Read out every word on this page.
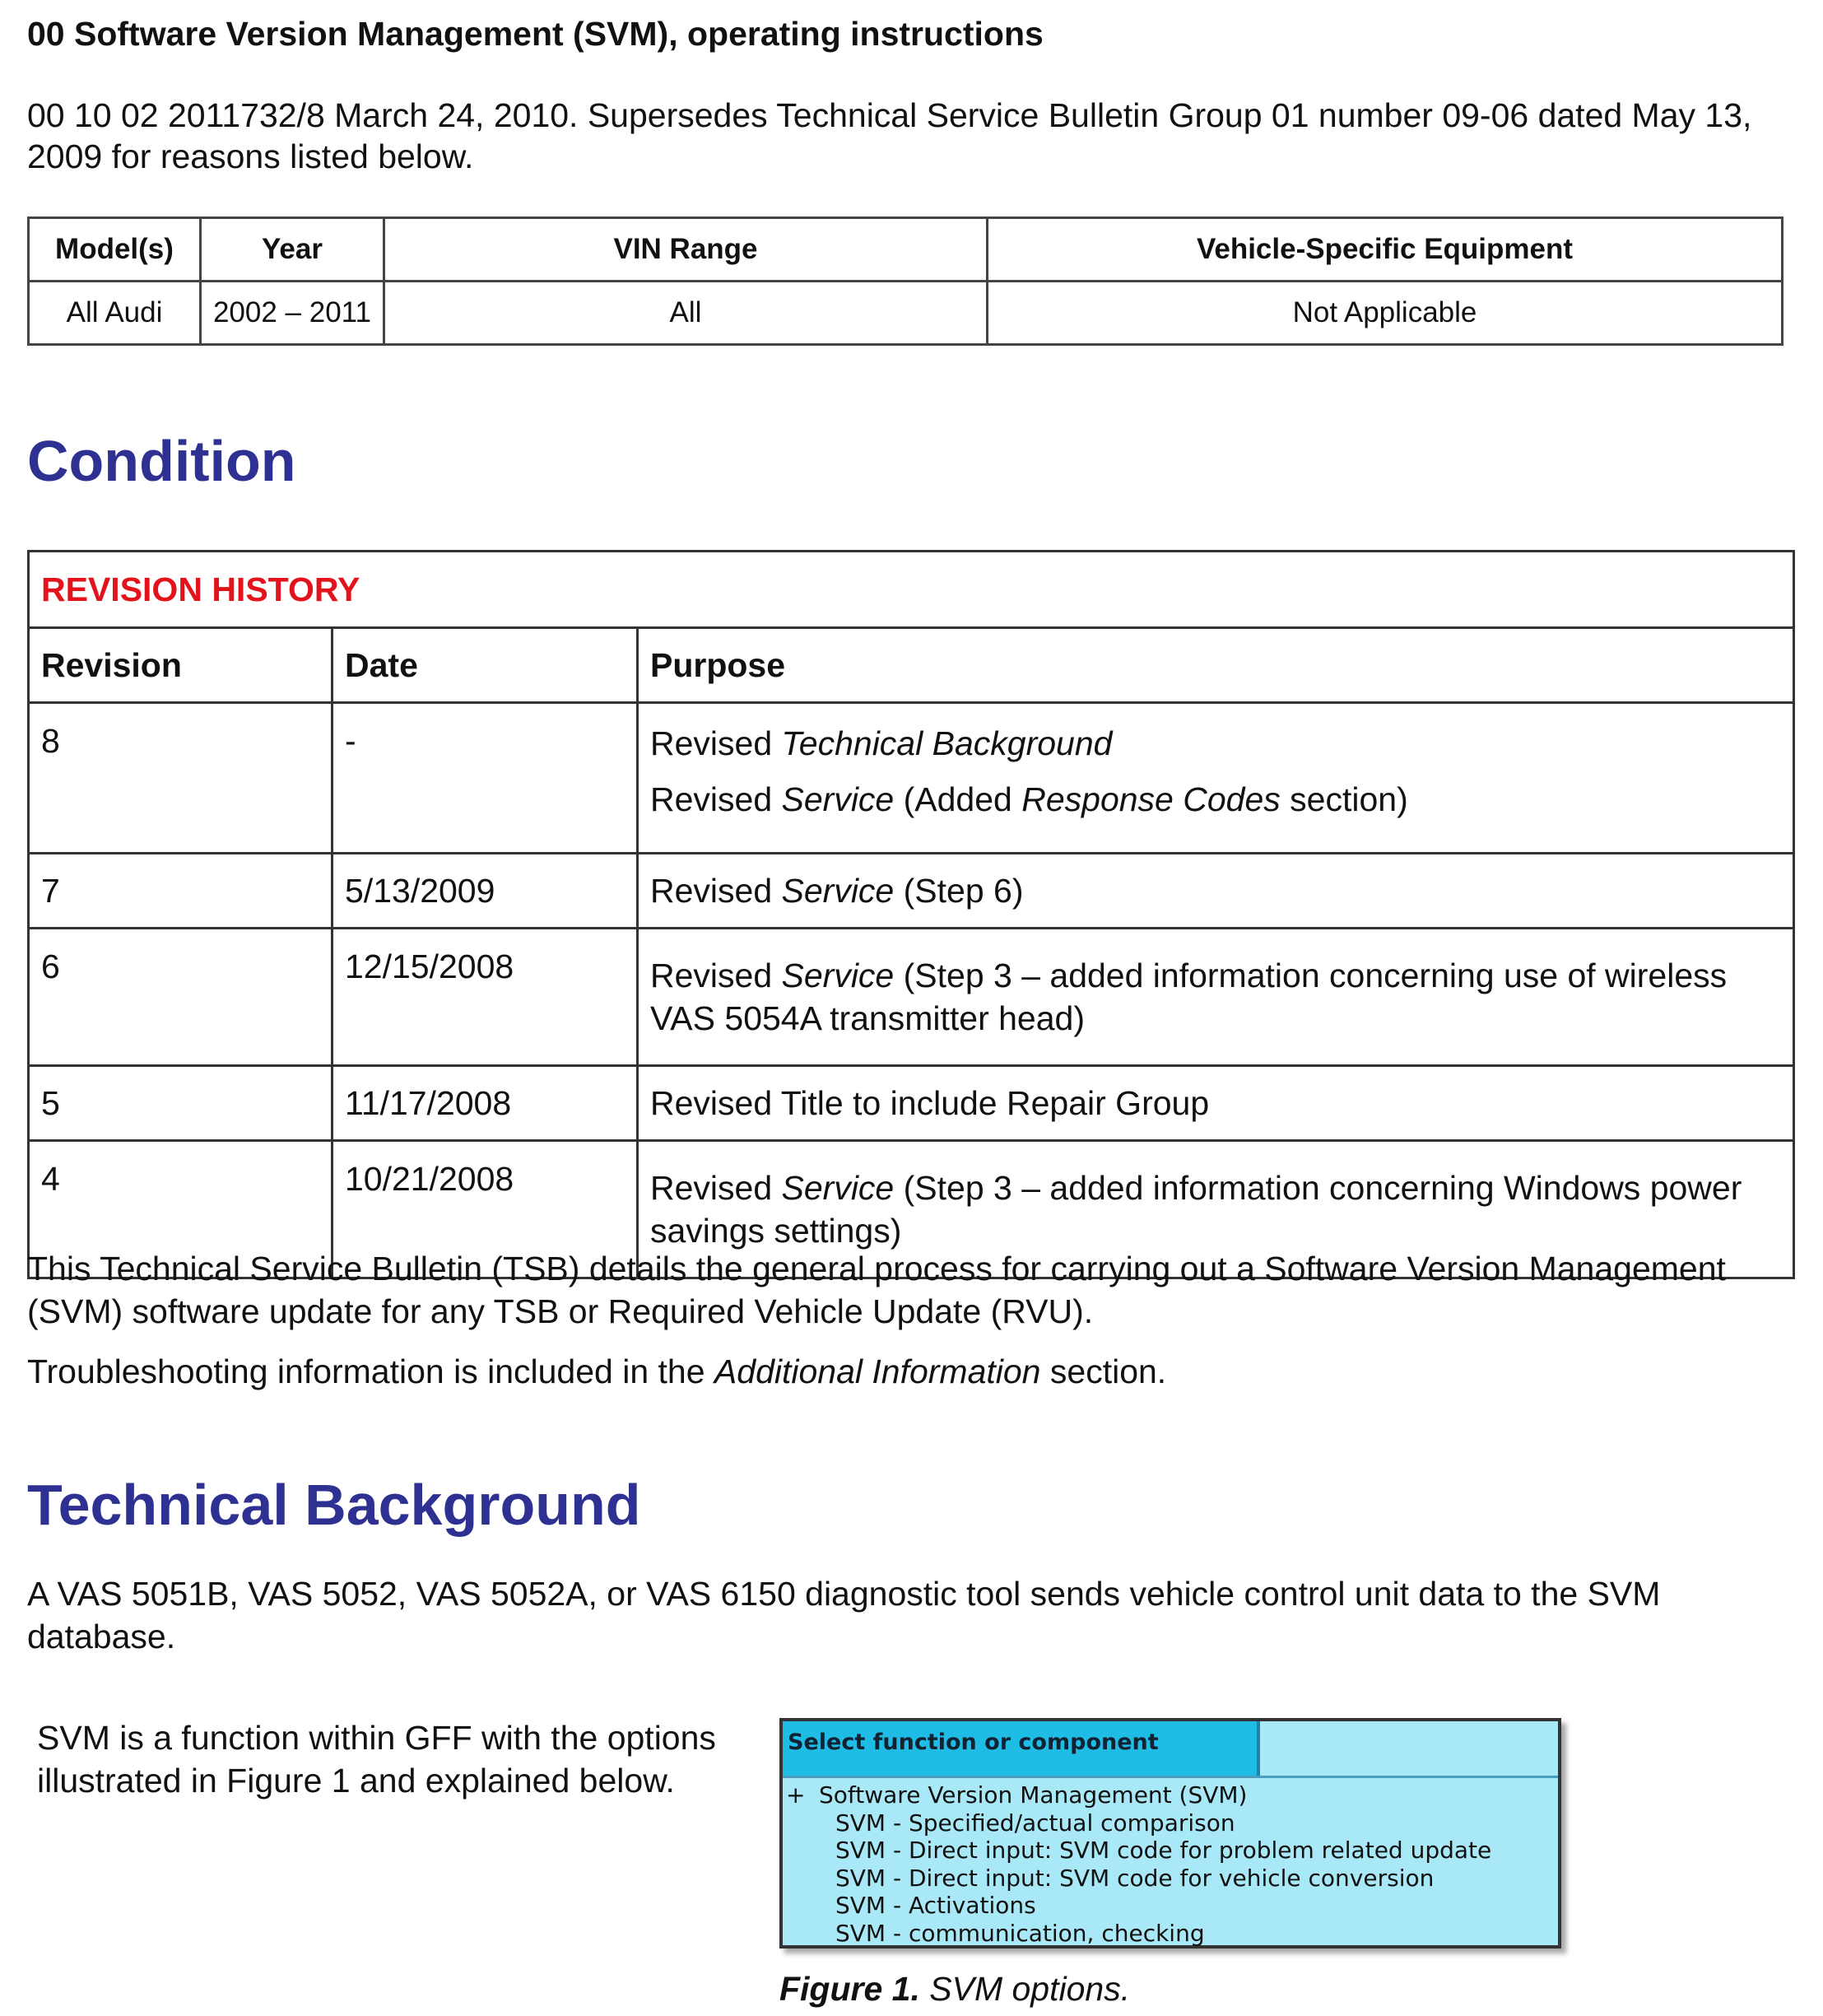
00 Software Version Management (SVM), operating instructions
00 10 02 2011732/8 March 24, 2010. Supersedes Technical Service Bulletin Group 01 number 09-06 dated May 13, 2009 for reasons listed below.
Model(s)	Year	VIN Range	Vehicle-Specific Equipment
All Audi	2002 – 2011	All	Not Applicable
Condition
REVISION HISTORY		
Revision	Date	Purpose
8	-	Revised Technical Background
Revised Service (Added Response Codes section)

7	5/13/2009	Revised Service (Step 6)
6	12/15/2008	Revised Service (Step 3 – added information concerning use of wireless VAS 5054A transmitter head)
5	11/17/2008	Revised Title to include Repair Group
4	10/21/2008	Revised Service (Step 3 – added information concerning Windows power savings settings)
This Technical Service Bulletin (TSB) details the general process for carrying out a Software Version Management (SVM) software update for any TSB or Required Vehicle Update (RVU).
Troubleshooting information is included in the Additional Information section.
Technical Background
A VAS 5051B, VAS 5052, VAS 5052A, or VAS 6150 diagnostic tool sends vehicle control unit data to the SVM database.
SVM is a function within GFF with the options illustrated in Figure 1 and explained below.
Select function or component
+ Software Version Management (SVM)
SVM - Specified/actual comparison
SVM - Direct input: SVM code for problem related update
SVM - Direct input: SVM code for vehicle conversion
SVM - Activations
SVM - communication, checking
Figure 1. SVM options.
